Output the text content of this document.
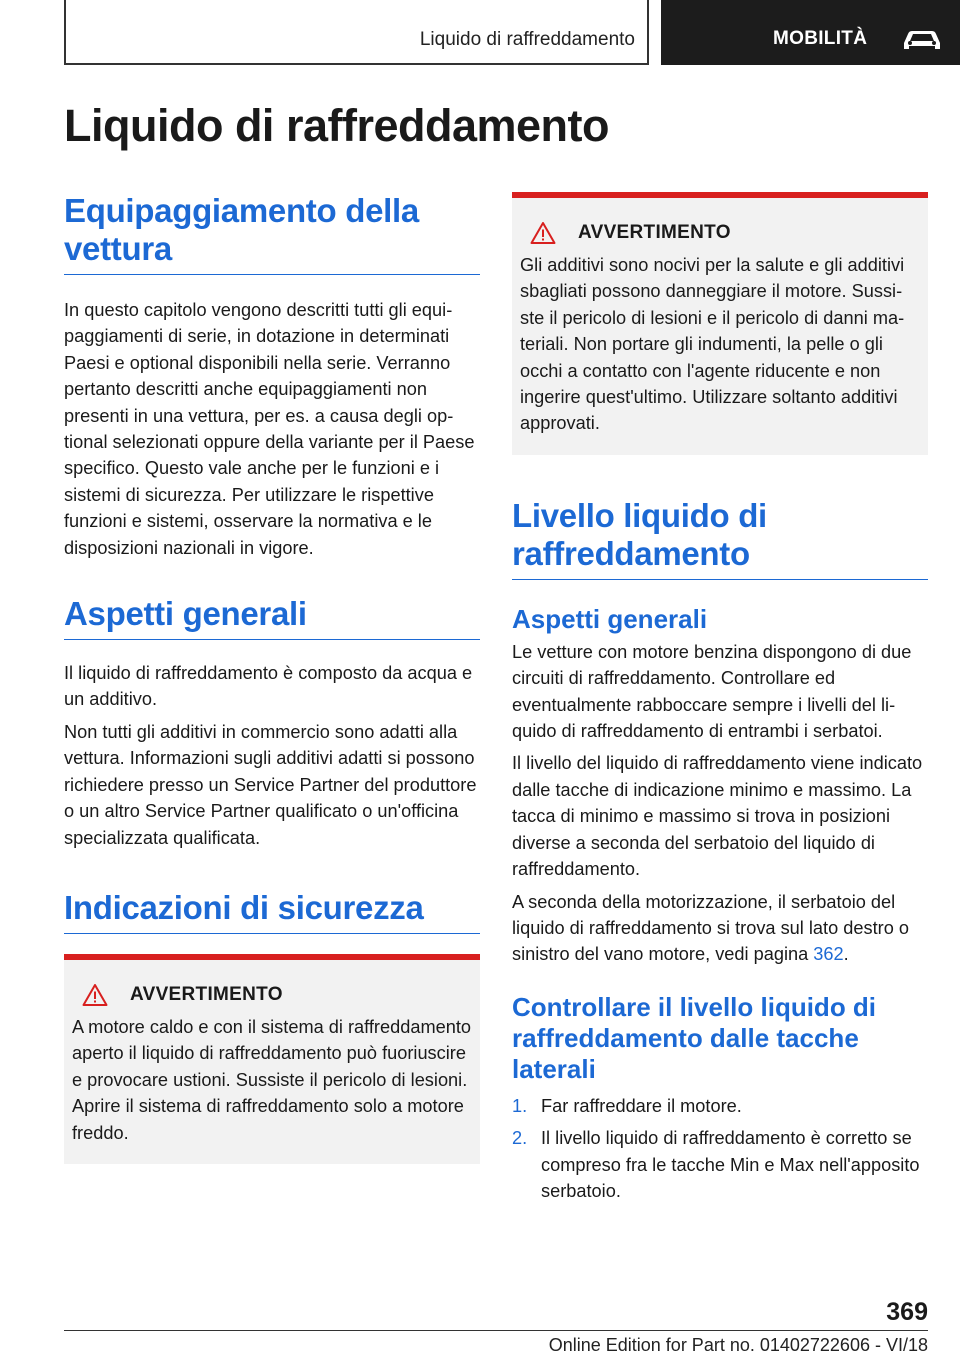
Liquido di raffreddamento	MOBILITÀ
Liquido di raffreddamento
Equipaggiamento della vettura

In questo capitolo vengono descritti tutti gli equipaggiamenti di serie, in dotazione in determinati Paesi e optional disponibili nella serie. Verranno pertanto descritti anche equipaggiamenti non presenti in una vettura, per es. a causa degli optional selezionati oppure della variante per il Paese specifico. Questo vale anche per le funzioni e i sistemi di sicurezza. Per utilizzare le rispettive funzioni e sistemi, osservare la normativa e le disposizioni nazionali in vigore.

Aspetti generali

Il liquido di raffreddamento è composto da acqua e un additivo.

Non tutti gli additivi in commercio sono adatti alla vettura. Informazioni sugli additivi adatti si possono richiedere presso un Service Partner del produttore o un altro Service Partner qualificato o un'officina specializzata qualificata.

Indicazioni di sicurezza
AVVERTIMENTO

A motore caldo e con il sistema di raffreddamento aperto il liquido di raffreddamento può fuoriuscire e provocare ustioni. Sussiste il pericolo di lesioni. Aprire il sistema di raffreddamento solo a motore freddo.

AVVERTIMENTO

Gli additivi sono nocivi per la salute e gli additivi sbagliati possono danneggiare il motore. Sussiste il pericolo di lesioni e il pericolo di danni materiali. Non portare gli indumenti, la pelle o gli occhi a contatto con l'agente riducente e non ingerire quest'ultimo. Utilizzare soltanto additivi approvati.

Livello liquido di raffreddamento
Aspetti generali

Le vetture con motore benzina dispongono di due circuiti di raffreddamento. Controllare ed eventualmente rabboccare sempre i livelli del liquido di raffreddamento di entrambi i serbatoi.

Il livello del liquido di raffreddamento viene indicato dalle tacche di indicazione minimo e massimo. La tacca di minimo e massimo si trova in posizioni diverse a seconda del serbatoio del liquido di raffreddamento.

A seconda della motorizzazione, il serbatoio del liquido di raffreddamento si trova sul lato destro o sinistro del vano motore, vedi pagina 362.

Controllare il livello liquido di raffreddamento dalle tacche laterali
1. Far raffreddare il motore.
2. Il livello liquido di raffreddamento è corretto se compreso fra le tacche Min e Max nell'apposito serbatoio.
369
Online Edition for Part no. 01402722606 - VI/18
